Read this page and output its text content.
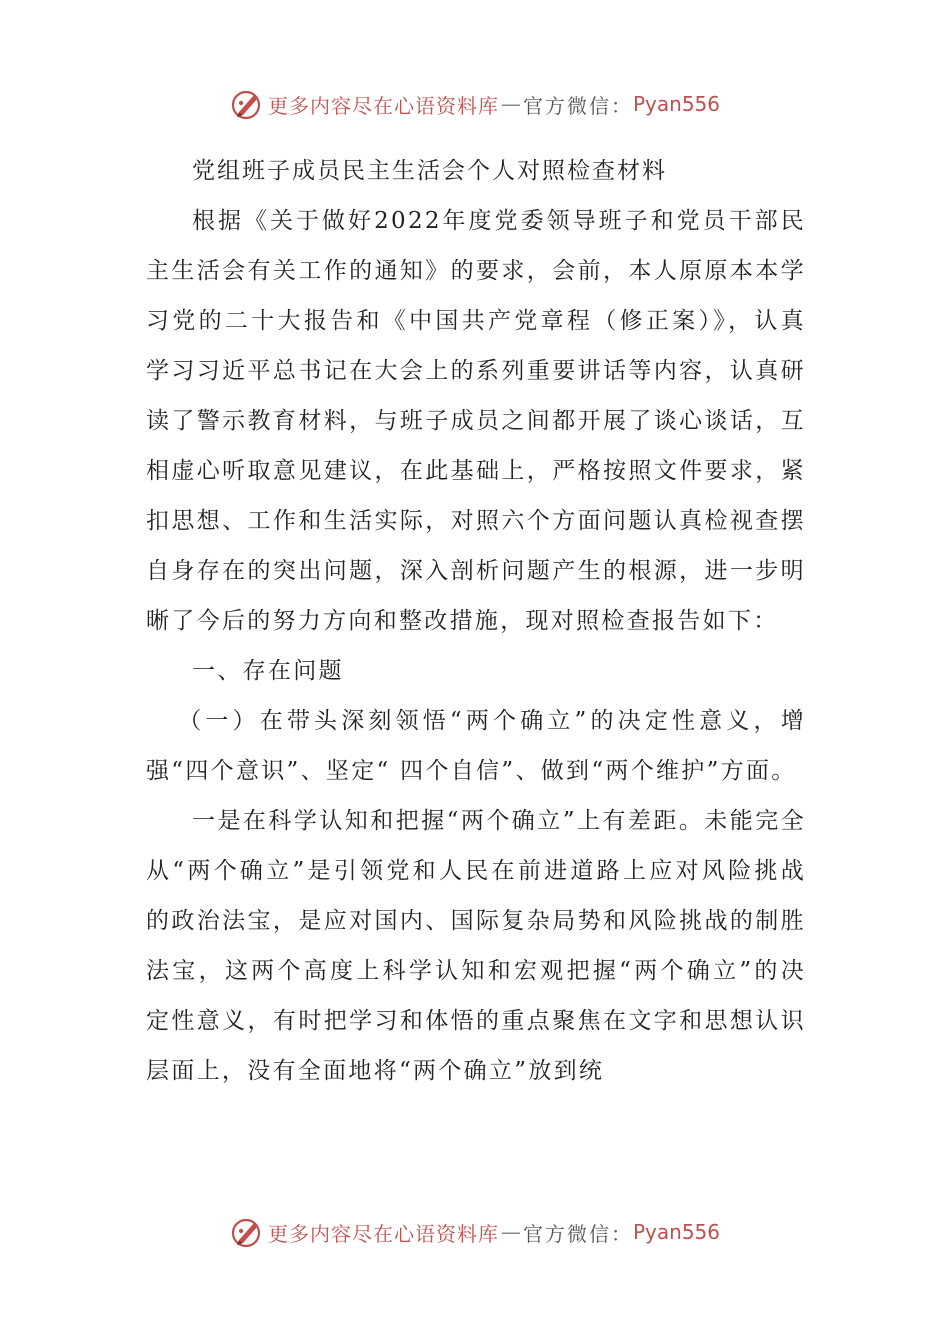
更多内容尽在心语资料库 — 官方微信： Pyan556

党组班子成员民主生活会个人对照检查材料

根据《关于做好2022年度党委领导班子和党员干部民主生活会有关工作的通知》的要求，会前，本人原原本本学习党的二十大报告和《中国共产党章程（修正案）》，认真学习习近平总书记在大会上的系列重要讲话等内容，认真研读了警示教育材料，与班子成员之间都开展了谈心谈话，互相虚心听取意见建议，在此基础上，严格按照文件要求，紧扣思想、工作和生活实际，对照六个方面问题认真检视查摆自身存在的突出问题，深入剖析问题产生的根源，进一步明晰了今后的努力方向和整改措施，现对照检查报告如下：

一、存在问题

（一）在带头深刻领悟“两个确立”的决定性意义，增强“四个意识”、坚定“ 四个自信”、做到“两个维护”方面。

一是在科学认知和把握“两个确立”上有差距。未能完全从“两个确立”是引领党和人民在前进道路上应对风险挑战的政治法宝，是应对国内、国际复杂局势和风险挑战的制胜法宝，这两个高度上科学认知和宏观把握“两个确立”的决定性意义，有时把学习和体悟的重点聚焦在文字和思想认识层面上，没有全面地将“两个确立”放到统

更多内容尽在心语资料库 — 官方微信： Pyan556
